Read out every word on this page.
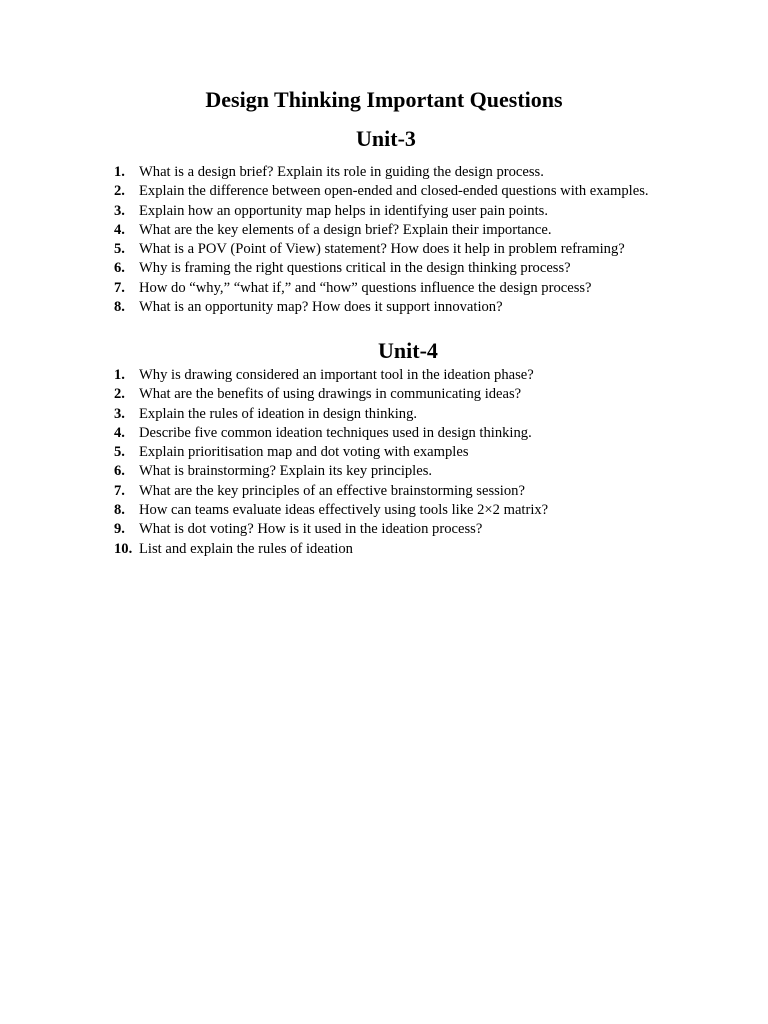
Design Thinking Important Questions
Unit-3
1. What is a design brief? Explain its role in guiding the design process.
2. Explain the difference between open-ended and closed-ended questions with examples.
3. Explain how an opportunity map helps in identifying user pain points.
4. What are the key elements of a design brief? Explain their importance.
5. What is a POV (Point of View) statement? How does it help in problem reframing?
6. Why is framing the right questions critical in the design thinking process?
7. How do “why,” “what if,” and “how” questions influence the design process?
8. What is an opportunity map? How does it support innovation?
Unit-4
1. Why is drawing considered an important tool in the ideation phase?
2. What are the benefits of using drawings in communicating ideas?
3. Explain the rules of ideation in design thinking.
4. Describe five common ideation techniques used in design thinking.
5. Explain prioritisation map and dot voting with examples
6. What is brainstorming? Explain its key principles.
7. What are the key principles of an effective brainstorming session?
8. How can teams evaluate ideas effectively using tools like 2×2 matrix?
9. What is dot voting? How is it used in the ideation process?
10. List and explain the rules of ideation
